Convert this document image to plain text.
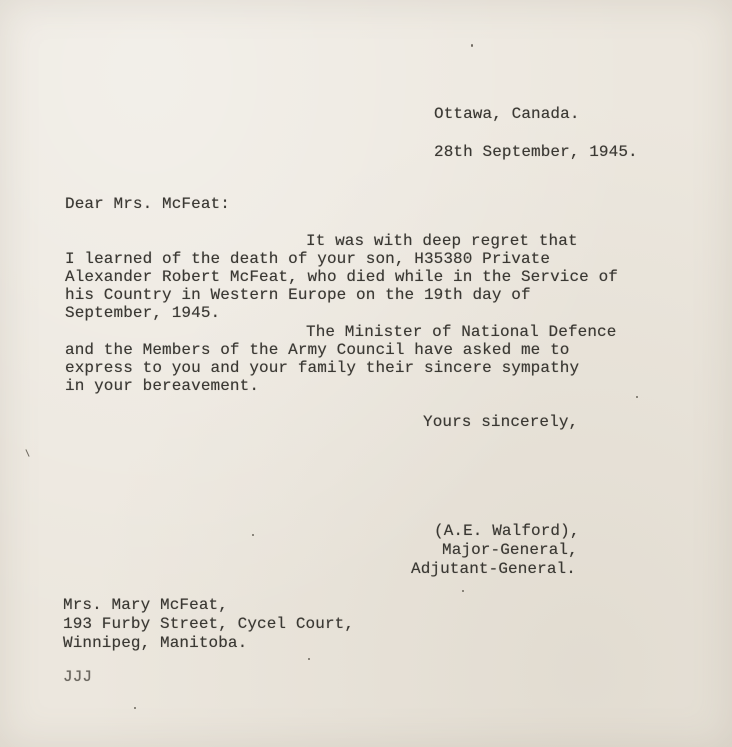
Ottawa, Canada.
28th September, 1945.
Dear Mrs. McFeat:
It was with deep regret that
I learned of the death of your son, H35380 Private
Alexander Robert McFeat, who died while in the Service of
his Country in Western Europe on the 19th day of
September, 1945.
The Minister of National Defence
and the Members of the Army Council have asked me to
express to you and your family their sincere sympathy
in your bereavement.
Yours sincerely,
(A.E. Walford),
Major-General,
Adjutant-General.
Mrs. Mary McFeat,
193 Furby Street, Cycel Court,
Winnipeg, Manitoba.
JJJ
